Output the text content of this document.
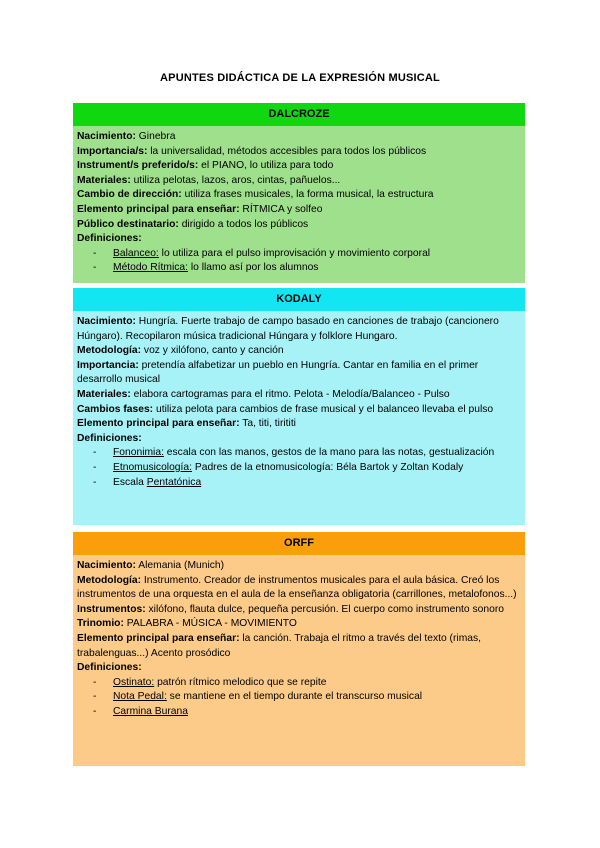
APUNTES DIDÁCTICA DE LA EXPRESIÓN MUSICAL
DALCROZE
Nacimiento: Ginebra
Importancia/s: la universalidad, métodos accesibles para todos los públicos
Instrument/s preferido/s: el PIANO, lo utiliza para todo
Materiales: utiliza pelotas, lazos, aros, cintas, pañuelos...
Cambio de dirección: utiliza frases musicales, la forma musical, la estructura
Elemento principal para enseñar: RÍTMICA y solfeo
Público destinatario: dirigido a todos los públicos
Definiciones:
- Balanceo: lo utiliza para el pulso improvisación y movimiento corporal
- Método Rítmica: lo llamo así por los alumnos
KODALY
Nacimiento: Hungría. Fuerte trabajo de campo basado en canciones de trabajo (cancionero Húngaro). Recopilaron música tradicional Húngara y folklore Hungaro.
Metodología: voz y xilófono, canto y canción
Importancia: pretendía alfabetizar un pueblo en Hungría. Cantar en familia en el primer desarrollo musical
Materiales: elabora cartogramas para el ritmo. Pelota - Melodía/Balanceo - Pulso
Cambios fases: utiliza pelota para cambios de frase musical y el balanceo llevaba el pulso
Elemento principal para enseñar: Ta, titi, tirititi
Definiciones:
- Fononimia: escala con las manos, gestos de la mano para las notas, gestualización
- Etnomusicología: Padres de la etnomusicología: Béla Bartok y Zoltan Kodaly
- Escala Pentatónica
ORFF
Nacimiento: Alemania (Munich)
Metodología: Instrumento. Creador de instrumentos musicales para el aula básica. Creó los instrumentos de una orquesta en el aula de la enseñanza obligatoria (carrillones, metalofonos...)
Instrumentos: xilófono, flauta dulce, pequeña percusión. El cuerpo como instrumento sonoro
Trinomio: PALABRA - MÚSICA - MOVIMIENTO
Elemento principal para enseñar: la canción. Trabaja el ritmo a través del texto (rimas, trabalenguas...) Acento prosódico
Definiciones:
- Ostinato: patrón rítmico melodico que se repite
- Nota Pedal: se mantiene en el tiempo durante el transcurso musical
- Carmina Burana
